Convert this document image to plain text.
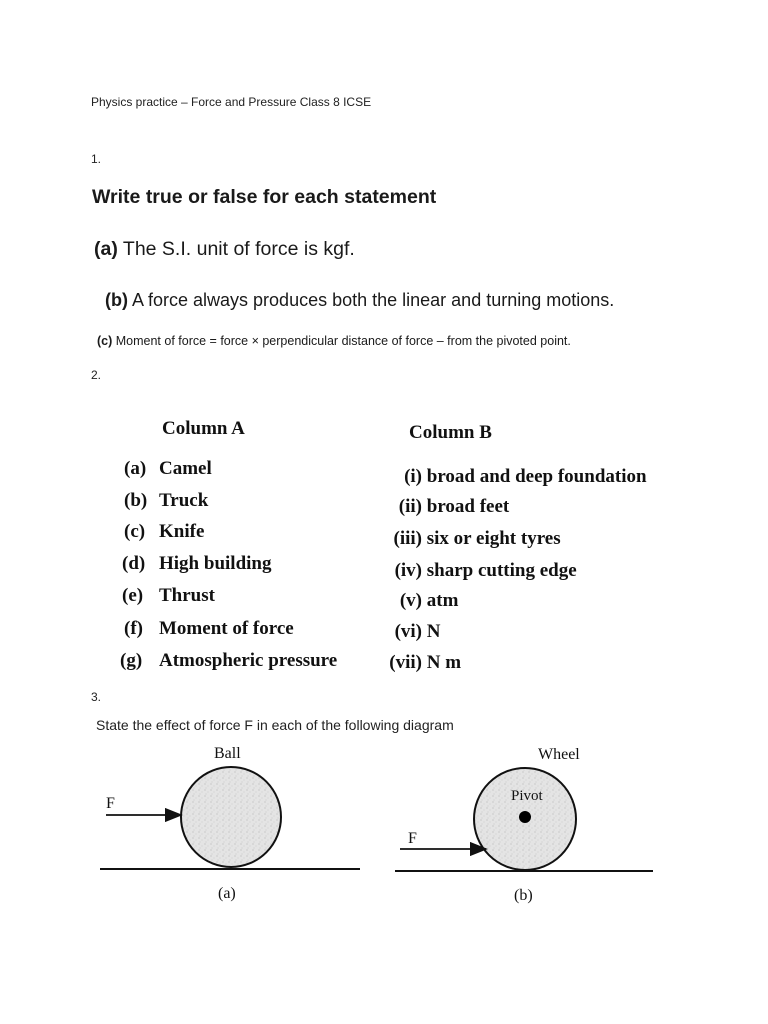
Physics practice – Force and Pressure Class 8 ICSE
1.
Write true or false for each statement
(a) The S.I. unit of force is kgf.
(b) A force always produces both the linear and turning motions.
(c) Moment of force = force × perpendicular distance of force – from the pivoted point.
2.
Column A	Column B
(a) Camel
(b) Truck
(c) Knife
(d) High building
(e) Thrust
(f) Moment of force
(g) Atmospheric pressure
(i) broad and deep foundation
(ii) broad feet
(iii) six or eight tyres
(iv) sharp cutting edge
(v) atm
(vi) N
(vii) N m
3.
State the effect of force F in each of the following diagram
F
Ball
(a)
F
Wheel
Pivot
(b)
